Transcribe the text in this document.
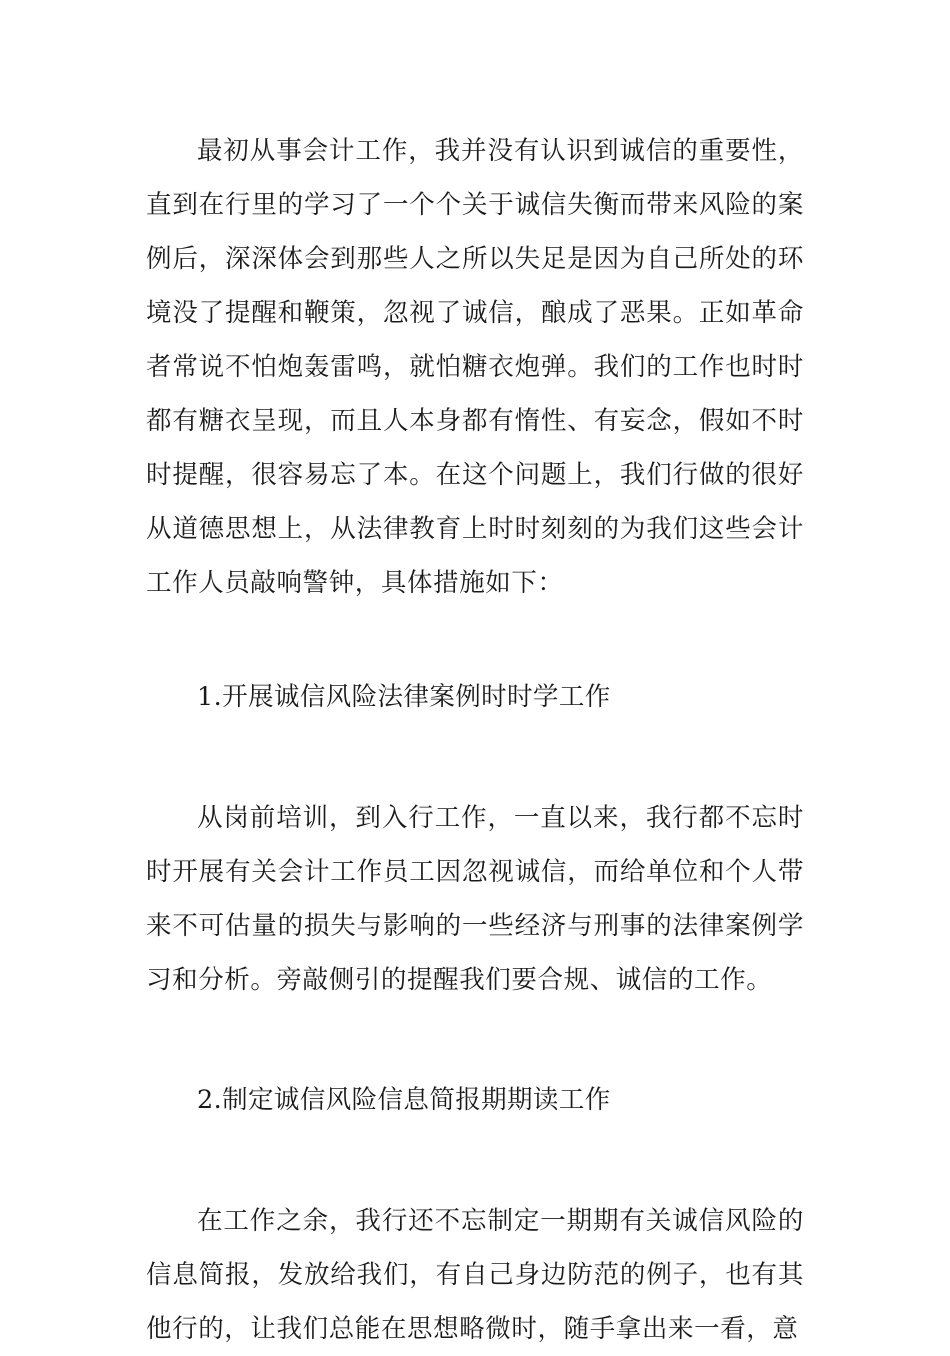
最初从事会计工作，我并没有认识到诚信的重要性，直到在行里的学习了一个个关于诚信失衡而带来风险的案例后，深深体会到那些人之所以失足是因为自己所处的环境没了提醒和鞭策，忽视了诚信，酿成了恶果。正如革命者常说不怕炮轰雷鸣，就怕糖衣炮弹。我们的工作也时时都有糖衣呈现，而且人本身都有惰性、有妄念，假如不时时提醒，很容易忘了本。在这个问题上，我们行做的很好从道德思想上，从法律教育上时时刻刻的为我们这些会计工作人员敲响警钟，具体措施如下：

1.开展诚信风险法律案例时时学工作

从岗前培训，到入行工作，一直以来，我行都不忘时时开展有关会计工作员工因忽视诚信，而给单位和个人带来不可估量的损失与影响的一些经济与刑事的法律案例学习和分析。旁敲侧引的提醒我们要合规、诚信的工作。

2.制定诚信风险信息简报期期读工作

在工作之余，我行还不忘制定一期期有关诚信风险的信息简报，发放给我们，有自己身边防范的例子，也有其他行的，让我们总能在思想略微时，随手拿出来一看，意
